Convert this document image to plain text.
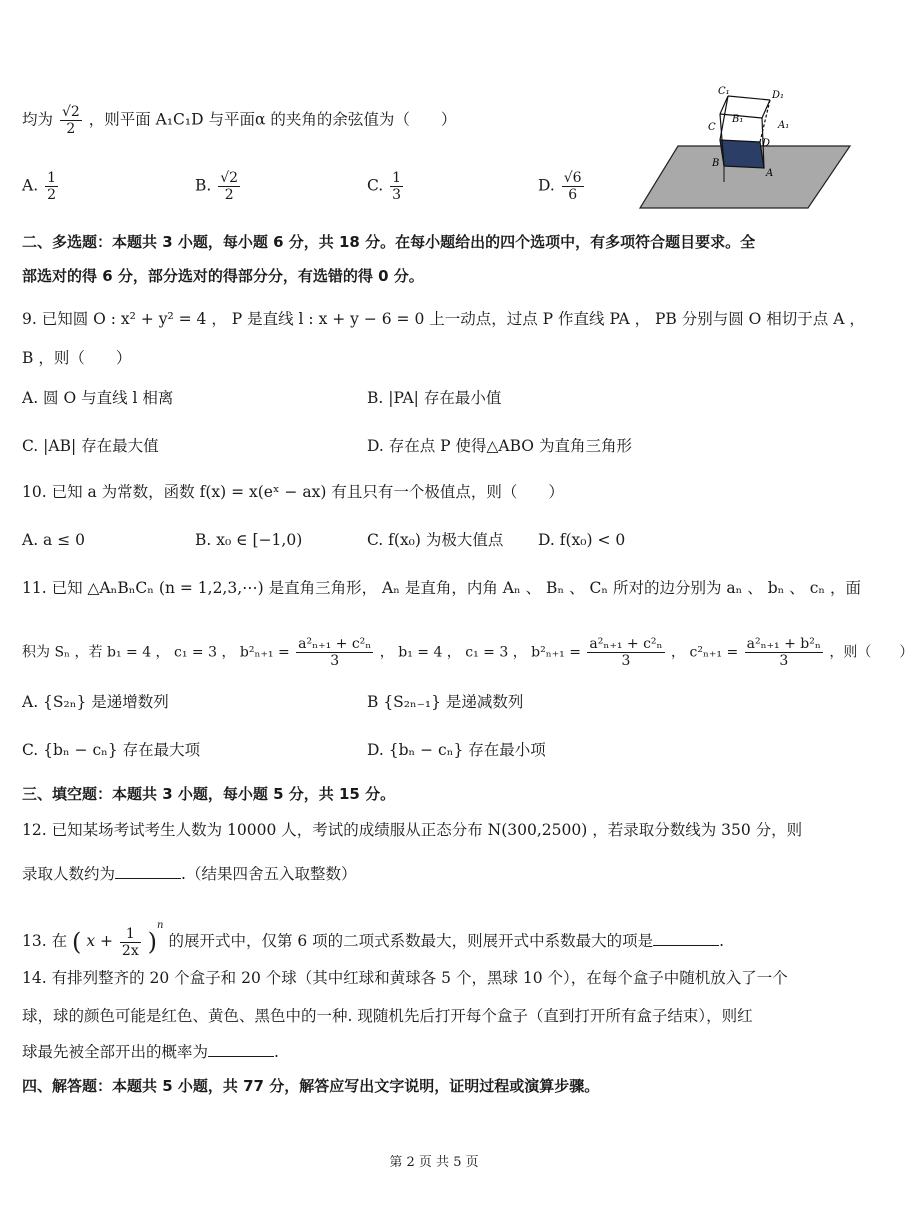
均为 $\frac{√2}{2}$ ，则平面 A₁C₁D 与平面α 的夹角的余弦值为（　　）
A. $\frac{1}{2}$	B. $\frac{√2}{2}$	C. $\frac{1}{3}$	D. $\frac{√6}{6}$
C₁	D₁
B₁
A₁
C
D
B
A
二、多选题：本题共 3 小题，每小题 6 分，共 18 分。在每小题给出的四个选项中，有多项符合题目要求。全
部选对的得 6 分，部分选对的得部分分，有选错的得 0 分。
9. 已知圆 O : x² + y² = 4 ， P 是直线 l : x + y − 6 = 0 上一动点，过点 P 作直线 PA ， PB 分别与圆 O 相切于点 A ，
B ，则（　　）
A. 圆 O 与直线 l 相离	B. |PA| 存在最小值
C. |AB| 存在最大值	D. 存在点 P 使得△ABO 为直角三角形
10. 已知 a 为常数，函数 f(x) = x(eˣ − ax) 有且只有一个极值点，则（　　）
A. a ≤ 0	B. x₀ ∈ [−1,0)	C. f(x₀) 为极大值点 D. f(x₀) < 0
11. 已知 △AₙBₙCₙ (n = 1,2,3,⋯) 是直角三角形， Aₙ 是直角，内角 Aₙ 、 Bₙ 、 Cₙ 所对的边分别为 aₙ 、 bₙ 、 cₙ ，面
积为 Sₙ ，若 b₁ = 4 ， c₁ = 3 ， $b^2_{n+1} = \frac{\text{a²ₙ₊₁ + c²ₙ}}{3}$ ， b₁ = 4 ， c₁ = 3 ， $b^2_{n+1} = \frac{\text{a²ₙ₊₁ + c²ₙ}}{3}$ ， $c^2_{n+1} = \frac{\text{a²ₙ₊₁ + b²ₙ}}{3}$ ，则（　　）
A. {S₂ₙ} 是递增数列	B {S₂ₙ₋₁} 是递减数列
C. {bₙ − cₙ} 存在最大项	D. {bₙ − cₙ} 存在最小项
三、填空题：本题共 3 小题，每小题 5 分，共 15 分。
12. 已知某场考试考生人数为 10000 人，考试的成绩服从正态分布 N(300,2500) ，若录取分数线为 350 分，则
录取人数约为	.（结果四舍五入取整数）
13. 在 ( $x + \frac{1}{2x} )^n$ 的展开式中，仅第 6 项的二项式系数最大，则展开式中系数最大的项是	.
14. 有排列整齐的 20 个盒子和 20 个球（其中红球和黄球各 5 个，黑球 10 个），在每个盒子中随机放入了一个
球，球的颜色可能是红色、黄色、黑色中的一种. 现随机先后打开每个盒子（直到打开所有盒子结束），则红
球最先被全部开出的概率为	.
四、解答题：本题共 5 小题，共 77 分，解答应写出文字说明，证明过程或演算步骤。
第 2 页 共 5 页
